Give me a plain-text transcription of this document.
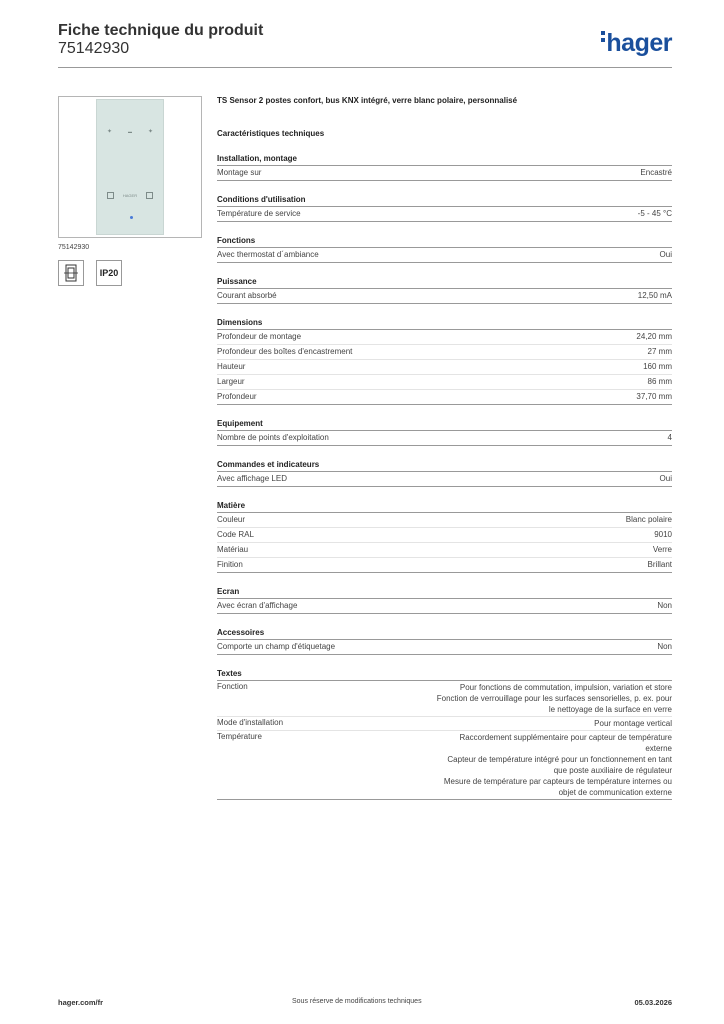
Fiche technique du produit
75142930	hager
✦	▬	✦
HAGER
75142930
IP20
TS Sensor 2 postes confort, bus KNX intégré, verre blanc polaire, personnalisé
Caractéristiques techniques
Installation, montage
Montage sur	Encastré
Conditions d'utilisation
Température de service	-5 - 45 °C
Fonctions
Avec thermostat d´ambiance	Oui
Puissance
Courant absorbé	12,50 mA
Dimensions
Profondeur de montage	24,20 mm
Profondeur des boîtes d'encastrement	27 mm
Hauteur	160 mm
Largeur	86 mm
Profondeur	37,70 mm
Equipement
Nombre de points d'exploitation	4
Commandes et indicateurs
Avec affichage LED	Oui
Matière
Couleur	Blanc polaire
Code RAL	9010
Matériau	Verre
Finition	Brillant
Ecran
Avec écran d'affichage	Non
Accessoires
Comporte un champ d'étiquetage	Non
Textes
Fonction	Pour fonctions de commutation, impulsion, variation et store
Fonction de verrouillage pour les surfaces sensorielles, p. ex. pour
le nettoyage de la surface en verre
Mode d'installation	Pour montage vertical
Température	Raccordement supplémentaire pour capteur de température
externe
Capteur de température intégré pour un fonctionnement en tant
que poste auxiliaire de régulateur
Mesure de température par capteurs de température internes ou
objet de communication externe
hager.com/fr	Sous réserve de modifications techniques	05.03.2026
